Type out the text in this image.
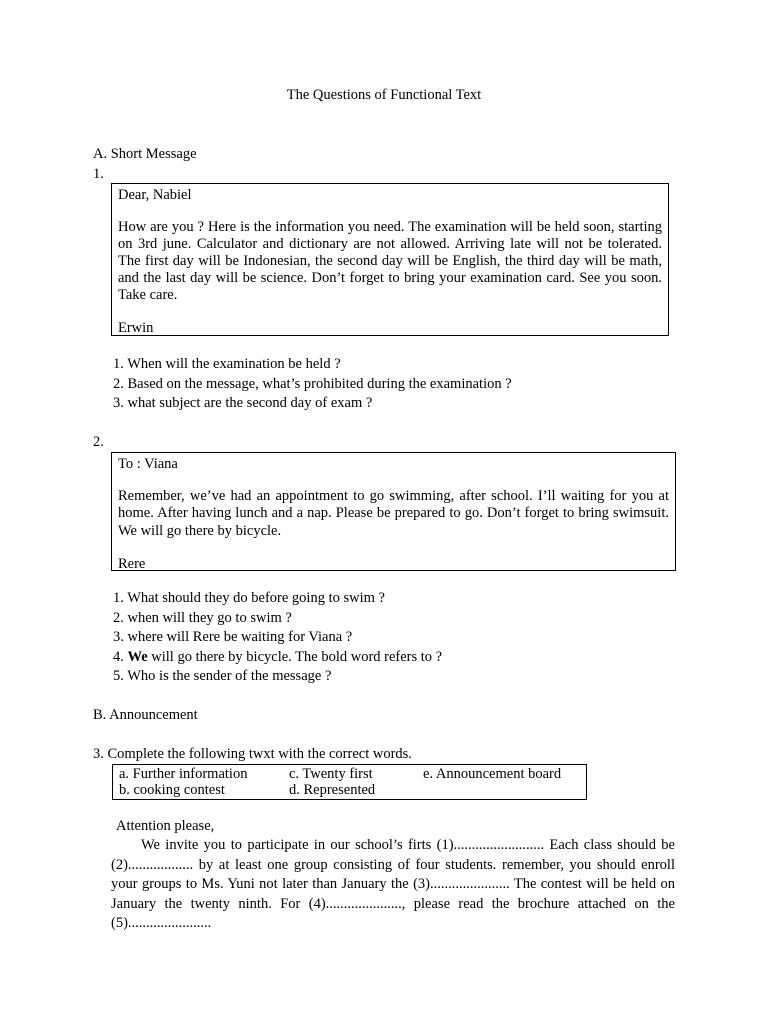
The Questions of Functional Text
A. Short Message
1.

Dear, Nabiel

How are you ? Here is the information you need. The examination will be held soon, starting on 3rd june. Calculator and dictionary are not allowed. Arriving late will not be tolerated. The first day will be Indonesian, the second day will be English, the third day will be math, and the last day will be science. Don’t forget to bring your examination card. See you soon. Take care.

Erwin

1. When will the examination be held ?
2. Based on the message, what’s prohibited during the examination ?
3. what subject are the second day of exam ?
2.

To : Viana

Remember, we’ve had an appointment to go swimming, after school. I’ll waiting for you at home. After having lunch and a nap. Please be prepared to go. Don’t forget to bring swimsuit. We will go there by bicycle.

Rere

1. What should they do before going to swim ?
2. when will they go to swim ?
3. where will Rere be waiting for Viana ?
4. We will go there by bicycle. The bold word refers to ?
5. Who is the sender of the message ?
B. Announcement
3. Complete the following twxt with the correct words.
a. Further information
b. cooking contest
c. Twenty first
d. Represented
e. Announcement board
Attention please,

We invite you to participate in our school’s firts (1)......................... Each class should be (2).................. by at least one group consisting of four students. remember, you should enroll your groups to Ms. Yuni not later than January the (3)...................... The contest will be held on January the twenty ninth. For (4)....................., please read the brochure attached on the (5).......................
